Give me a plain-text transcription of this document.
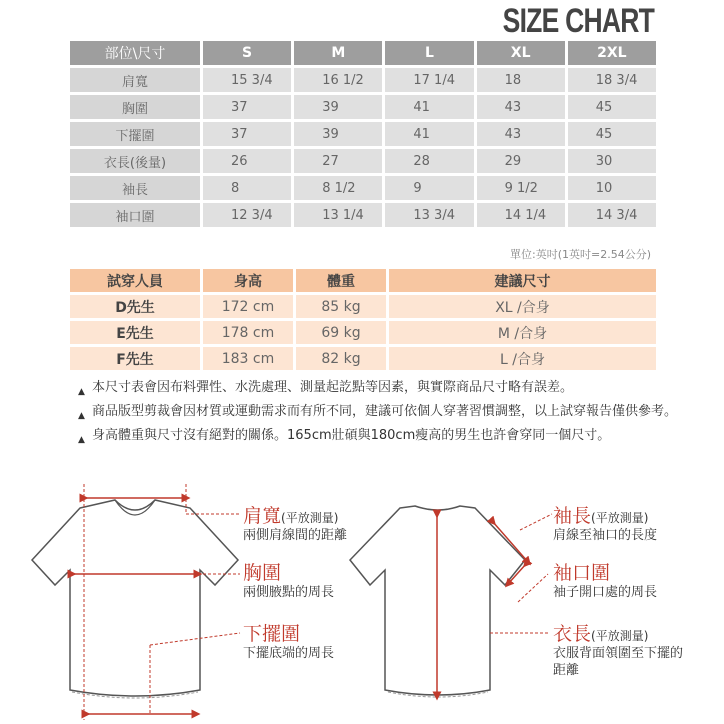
SIZE CHART
部位\尺寸	S	M	L	XL	2XL
肩寬	15 3/4	16 1/2	17 1/4	18	18 3/4
胸圍	37	39	41	43	45
下擺圍	37	39	41	43	45
衣長(後量)	26	27	28	29	30
袖長	8	8 1/2	9	9 1/2	10
袖口圍	12 3/4	13 1/4	13 3/4	14 1/4	14 3/4
單位:英吋(1英吋=2.54公分)
試穿人員	身高	體重	建議尺寸
D先生	172 cm	85 kg	XL /合身
E先生	178 cm	69 kg	M /合身
F先生	183 cm	82 kg	L /合身
▲ 本尺寸表會因布料彈性、水洗處理、測量起訖點等因素，與實際商品尺寸略有誤差。
▲ 商品版型剪裁會因材質或運動需求而有所不同，建議可依個人穿著習慣調整，以上試穿報告僅供參考。
▲ 身高體重與尺寸沒有絕對的關係。165cm壯碩與180cm瘦高的男生也許會穿同一個尺寸。
肩寬(平放測量)
兩側肩線間的距離
胸圍
兩側腋點的周長
下擺圍
下擺底端的周長
袖長(平放測量)
肩線至袖口的長度
袖口圍
袖子開口處的周長
衣長(平放測量)
衣服背面領圍至下擺的距離
